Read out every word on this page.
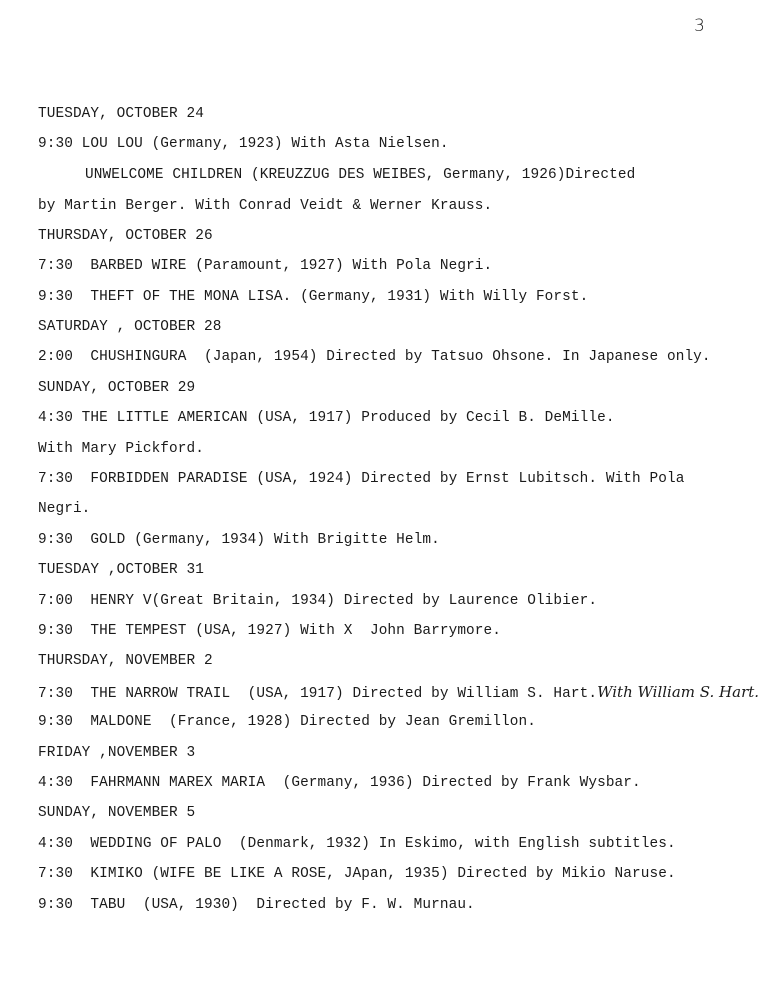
3
TUESDAY, OCTOBER 24
9:30 LOU LOU (Germany, 1923) With Asta Nielsen.
UNWELCOME CHILDREN (KREUZZUG DES WEIBES, Germany, 1926)Directed
by Martin Berger. With Conrad Veidt & Werner Krauss.
THURSDAY, OCTOBER 26
7:30  BARBED WIRE (Paramount, 1927) With Pola Negri.
9:30  THEFT OF THE MONA LISA. (Germany, 1931) With Willy Forst.
SATURDAY , OCTOBER 28
2:00  CHUSHINGURA  (Japan, 1954) Directed by Tatsuo Ohsone. In Japanese only.
SUNDAY, OCTOBER 29
4:30 THE LITTLE AMERICAN (USA, 1917) Produced by Cecil B. DeMille.
With Mary Pickford.
7:30  FORBIDDEN PARADISE (USA, 1924) Directed by Ernst Lubitsch. With Pola
Negri.
9:30  GOLD (Germany, 1934) With Brigitte Helm.
TUESDAY ,OCTOBER 31
7:00  HENRY V(Great Britain, 1934) Directed by Laurence Olibier.
9:30  THE TEMPEST (USA, 1927) With X  John Barrymore.
THURSDAY, NOVEMBER 2
7:30  THE NARROW TRAIL  (USA, 1917) Directed by William S. Hart.With William S. Hart.
9:30  MALDONE  (France, 1928) Directed by Jean Gremillon.
FRIDAY ,NOVEMBER 3
4:30  FAHRMANN MAREX MARIA  (Germany, 1936) Directed by Frank Wysbar.
SUNDAY, NOVEMBER 5
4:30  WEDDING OF PALO  (Denmark, 1932) In Eskimo, with English subtitles.
7:30  KIMIKO (WIFE BE LIKE A ROSE, JApan, 1935) Directed by Mikio Naruse.
9:30  TABU  (USA, 1930)  Directed by F. W. Murnau.
